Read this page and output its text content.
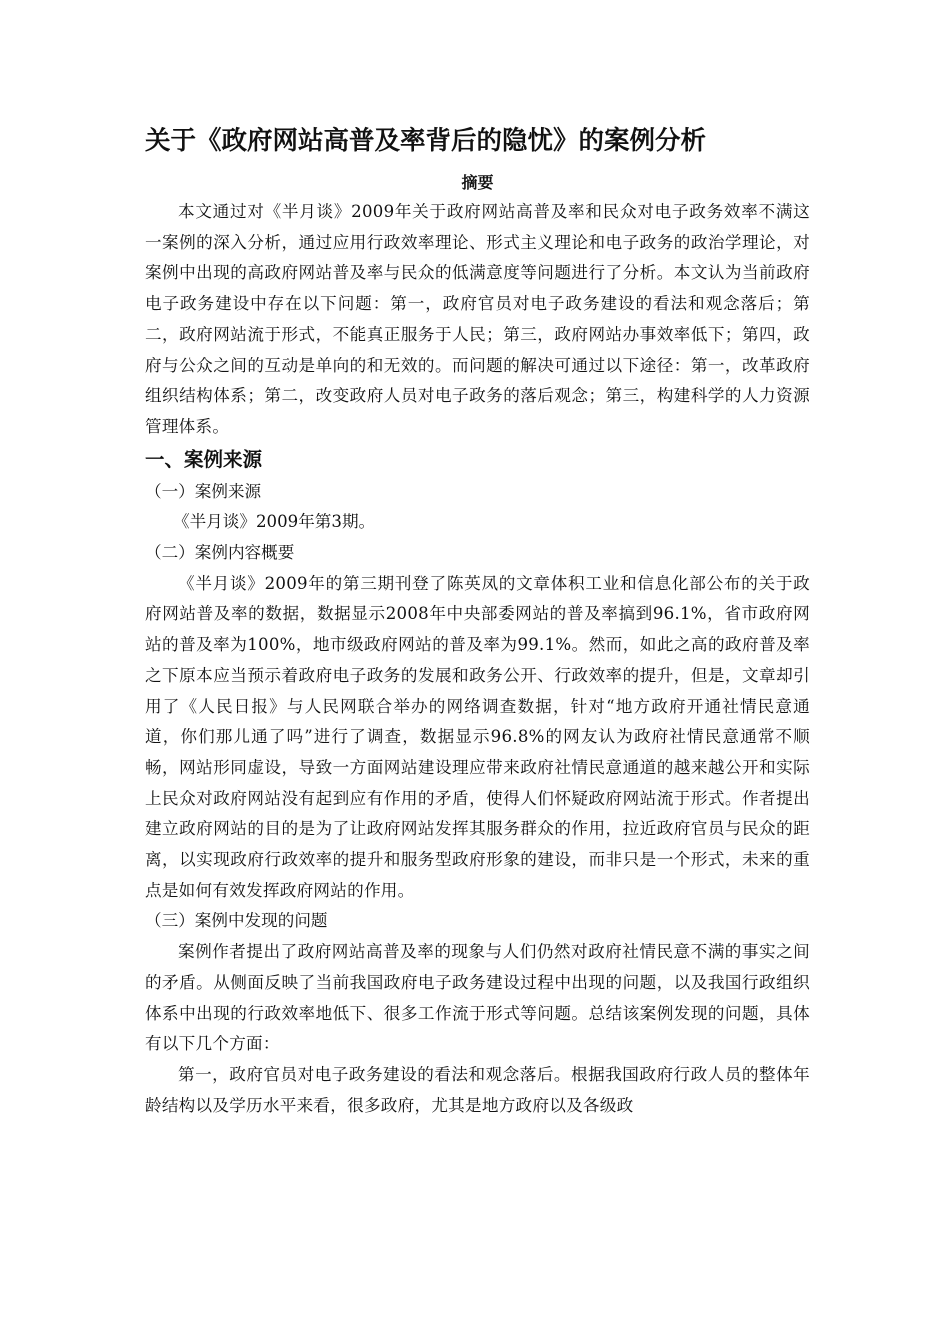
关于《政府网站高普及率背后的隐忧》的案例分析
摘要

本文通过对《半月谈》2009年关于政府网站高普及率和民众对电子政务效率不满这一案例的深入分析，通过应用行政效率理论、形式主义理论和电子政务的政治学理论，对案例中出现的高政府网站普及率与民众的低满意度等问题进行了分析。本文认为当前政府电子政务建设中存在以下问题：第一，政府官员对电子政务建设的看法和观念落后；第二，政府网站流于形式，不能真正服务于人民；第三，政府网站办事效率低下；第四，政府与公众之间的互动是单向的和无效的。而问题的解决可通过以下途径：第一，改革政府组织结构体系；第二，改变政府人员对电子政务的落后观念；第三，构建科学的人力资源管理体系。

一、案例来源
（一）案例来源
《半月谈》2009年第3期。
（二）案例内容概要

《半月谈》2009年的第三期刊登了陈英凤的文章体积工业和信息化部公布的关于政府网站普及率的数据，数据显示2008年中央部委网站的普及率搞到96.1%，省市政府网站的普及率为100%，地市级政府网站的普及率为99.1%。然而，如此之高的政府普及率之下原本应当预示着政府电子政务的发展和政务公开、行政效率的提升，但是，文章却引用了《人民日报》与人民网联合举办的网络调查数据，针对“地方政府开通社情民意通道，你们那儿通了吗”进行了调查，数据显示96.8%的网友认为政府社情民意通常不顺畅，网站形同虚设，导致一方面网站建设理应带来政府社情民意通道的越来越公开和实际上民众对政府网站没有起到应有作用的矛盾，使得人们怀疑政府网站流于形式。作者提出建立政府网站的目的是为了让政府网站发挥其服务群众的作用，拉近政府官员与民众的距离，以实现政府行政效率的提升和服务型政府形象的建设，而非只是一个形式，未来的重点是如何有效发挥政府网站的作用。

（三）案例中发现的问题

案例作者提出了政府网站高普及率的现象与人们仍然对政府社情民意不满的事实之间的矛盾。从侧面反映了当前我国政府电子政务建设过程中出现的问题，以及我国行政组织体系中出现的行政效率地低下、很多工作流于形式等问题。总结该案例发现的问题，具体有以下几个方面：

第一，政府官员对电子政务建设的看法和观念落后。根据我国政府行政人员的整体年龄结构以及学历水平来看，很多政府，尤其是地方政府以及各级政
